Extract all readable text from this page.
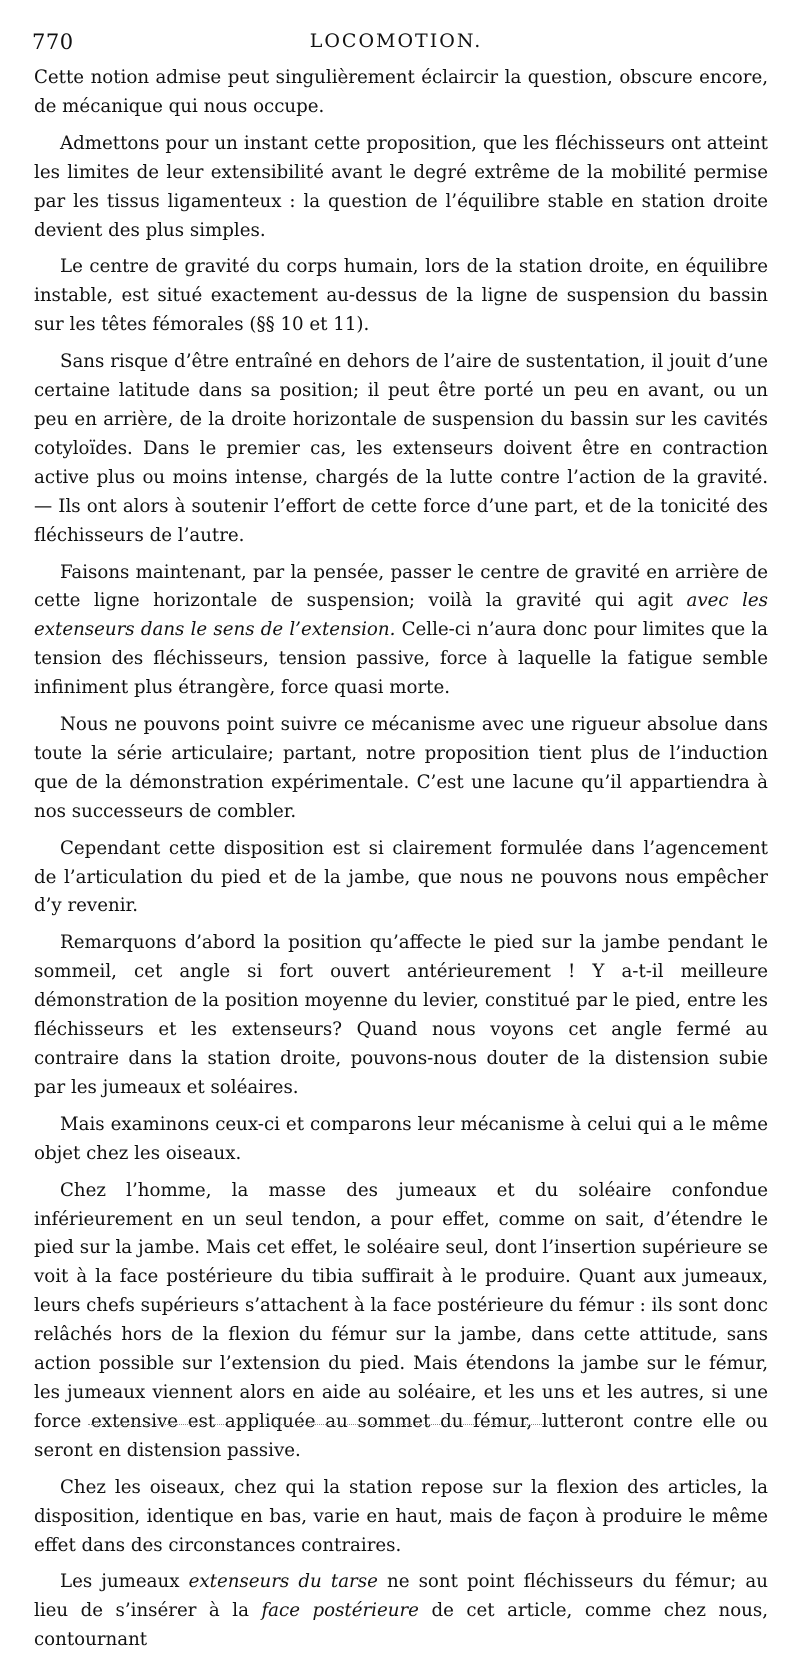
770	LOCOMOTION.

Cette notion admise peut singulièrement éclaircir la question, obscure encore, de mécanique qui nous occupe.

Admettons pour un instant cette proposition, que les fléchisseurs ont atteint les limites de leur extensibilité avant le degré extrême de la mobilité permise par les tissus ligamenteux : la question de l’équilibre stable en station droite devient des plus simples.

Le centre de gravité du corps humain, lors de la station droite, en équilibre instable, est situé exactement au-dessus de la ligne de suspension du bassin sur les têtes fémorales (§§ 10 et 11).

Sans risque d’être entraîné en dehors de l’aire de sustentation, il jouit d’une certaine latitude dans sa position; il peut être porté un peu en avant, ou un peu en arrière, de la droite horizontale de suspension du bassin sur les cavités cotyloïdes. Dans le premier cas, les extenseurs doivent être en contraction active plus ou moins intense, chargés de la lutte contre l’action de la gravité. — Ils ont alors à soutenir l’effort de cette force d’une part, et de la tonicité des fléchisseurs de l’autre.

Faisons maintenant, par la pensée, passer le centre de gravité en arrière de cette ligne horizontale de suspension; voilà la gravité qui agit avec les extenseurs dans le sens de l’extension. Celle-ci n’aura donc pour limites que la tension des fléchisseurs, tension passive, force à laquelle la fatigue semble infiniment plus étrangère, force quasi morte.

Nous ne pouvons point suivre ce mécanisme avec une rigueur absolue dans toute la série articulaire; partant, notre proposition tient plus de l’induction que de la démonstration expérimentale. C’est une lacune qu’il appartiendra à nos successeurs de combler.

Cependant cette disposition est si clairement formulée dans l’agencement de l’articulation du pied et de la jambe, que nous ne pouvons nous empêcher d’y revenir.

Remarquons d’abord la position qu’affecte le pied sur la jambe pendant le sommeil, cet angle si fort ouvert antérieurement ! Y a-t-il meilleure démonstration de la position moyenne du levier, constitué par le pied, entre les fléchisseurs et les extenseurs? Quand nous voyons cet angle fermé au contraire dans la station droite, pouvons-nous douter de la distension subie par les jumeaux et soléaires.

Mais examinons ceux-ci et comparons leur mécanisme à celui qui a le même objet chez les oiseaux.

Chez l’homme, la masse des jumeaux et du soléaire confondue inférieurement en un seul tendon, a pour effet, comme on sait, d’étendre le pied sur la jambe. Mais cet effet, le soléaire seul, dont l’insertion supérieure se voit à la face postérieure du tibia suffirait à le produire. Quant aux jumeaux, leurs chefs supérieurs s’attachent à la face postérieure du fémur : ils sont donc relâchés hors de la flexion du fémur sur la jambe, dans cette attitude, sans action possible sur l’extension du pied. Mais étendons la jambe sur le fémur, les jumeaux viennent alors en aide au soléaire, et les uns et les autres, si une force extensive est appliquée au sommet du fémur, lutteront contre elle ou seront en distension passive.

Chez les oiseaux, chez qui la station repose sur la flexion des articles, la disposition, identique en bas, varie en haut, mais de façon à produire le même effet dans des circonstances contraires.

Les jumeaux extenseurs du tarse ne sont point fléchisseurs du fémur; au lieu de s’insérer à la face postérieure de cet article, comme chez nous, contournant
